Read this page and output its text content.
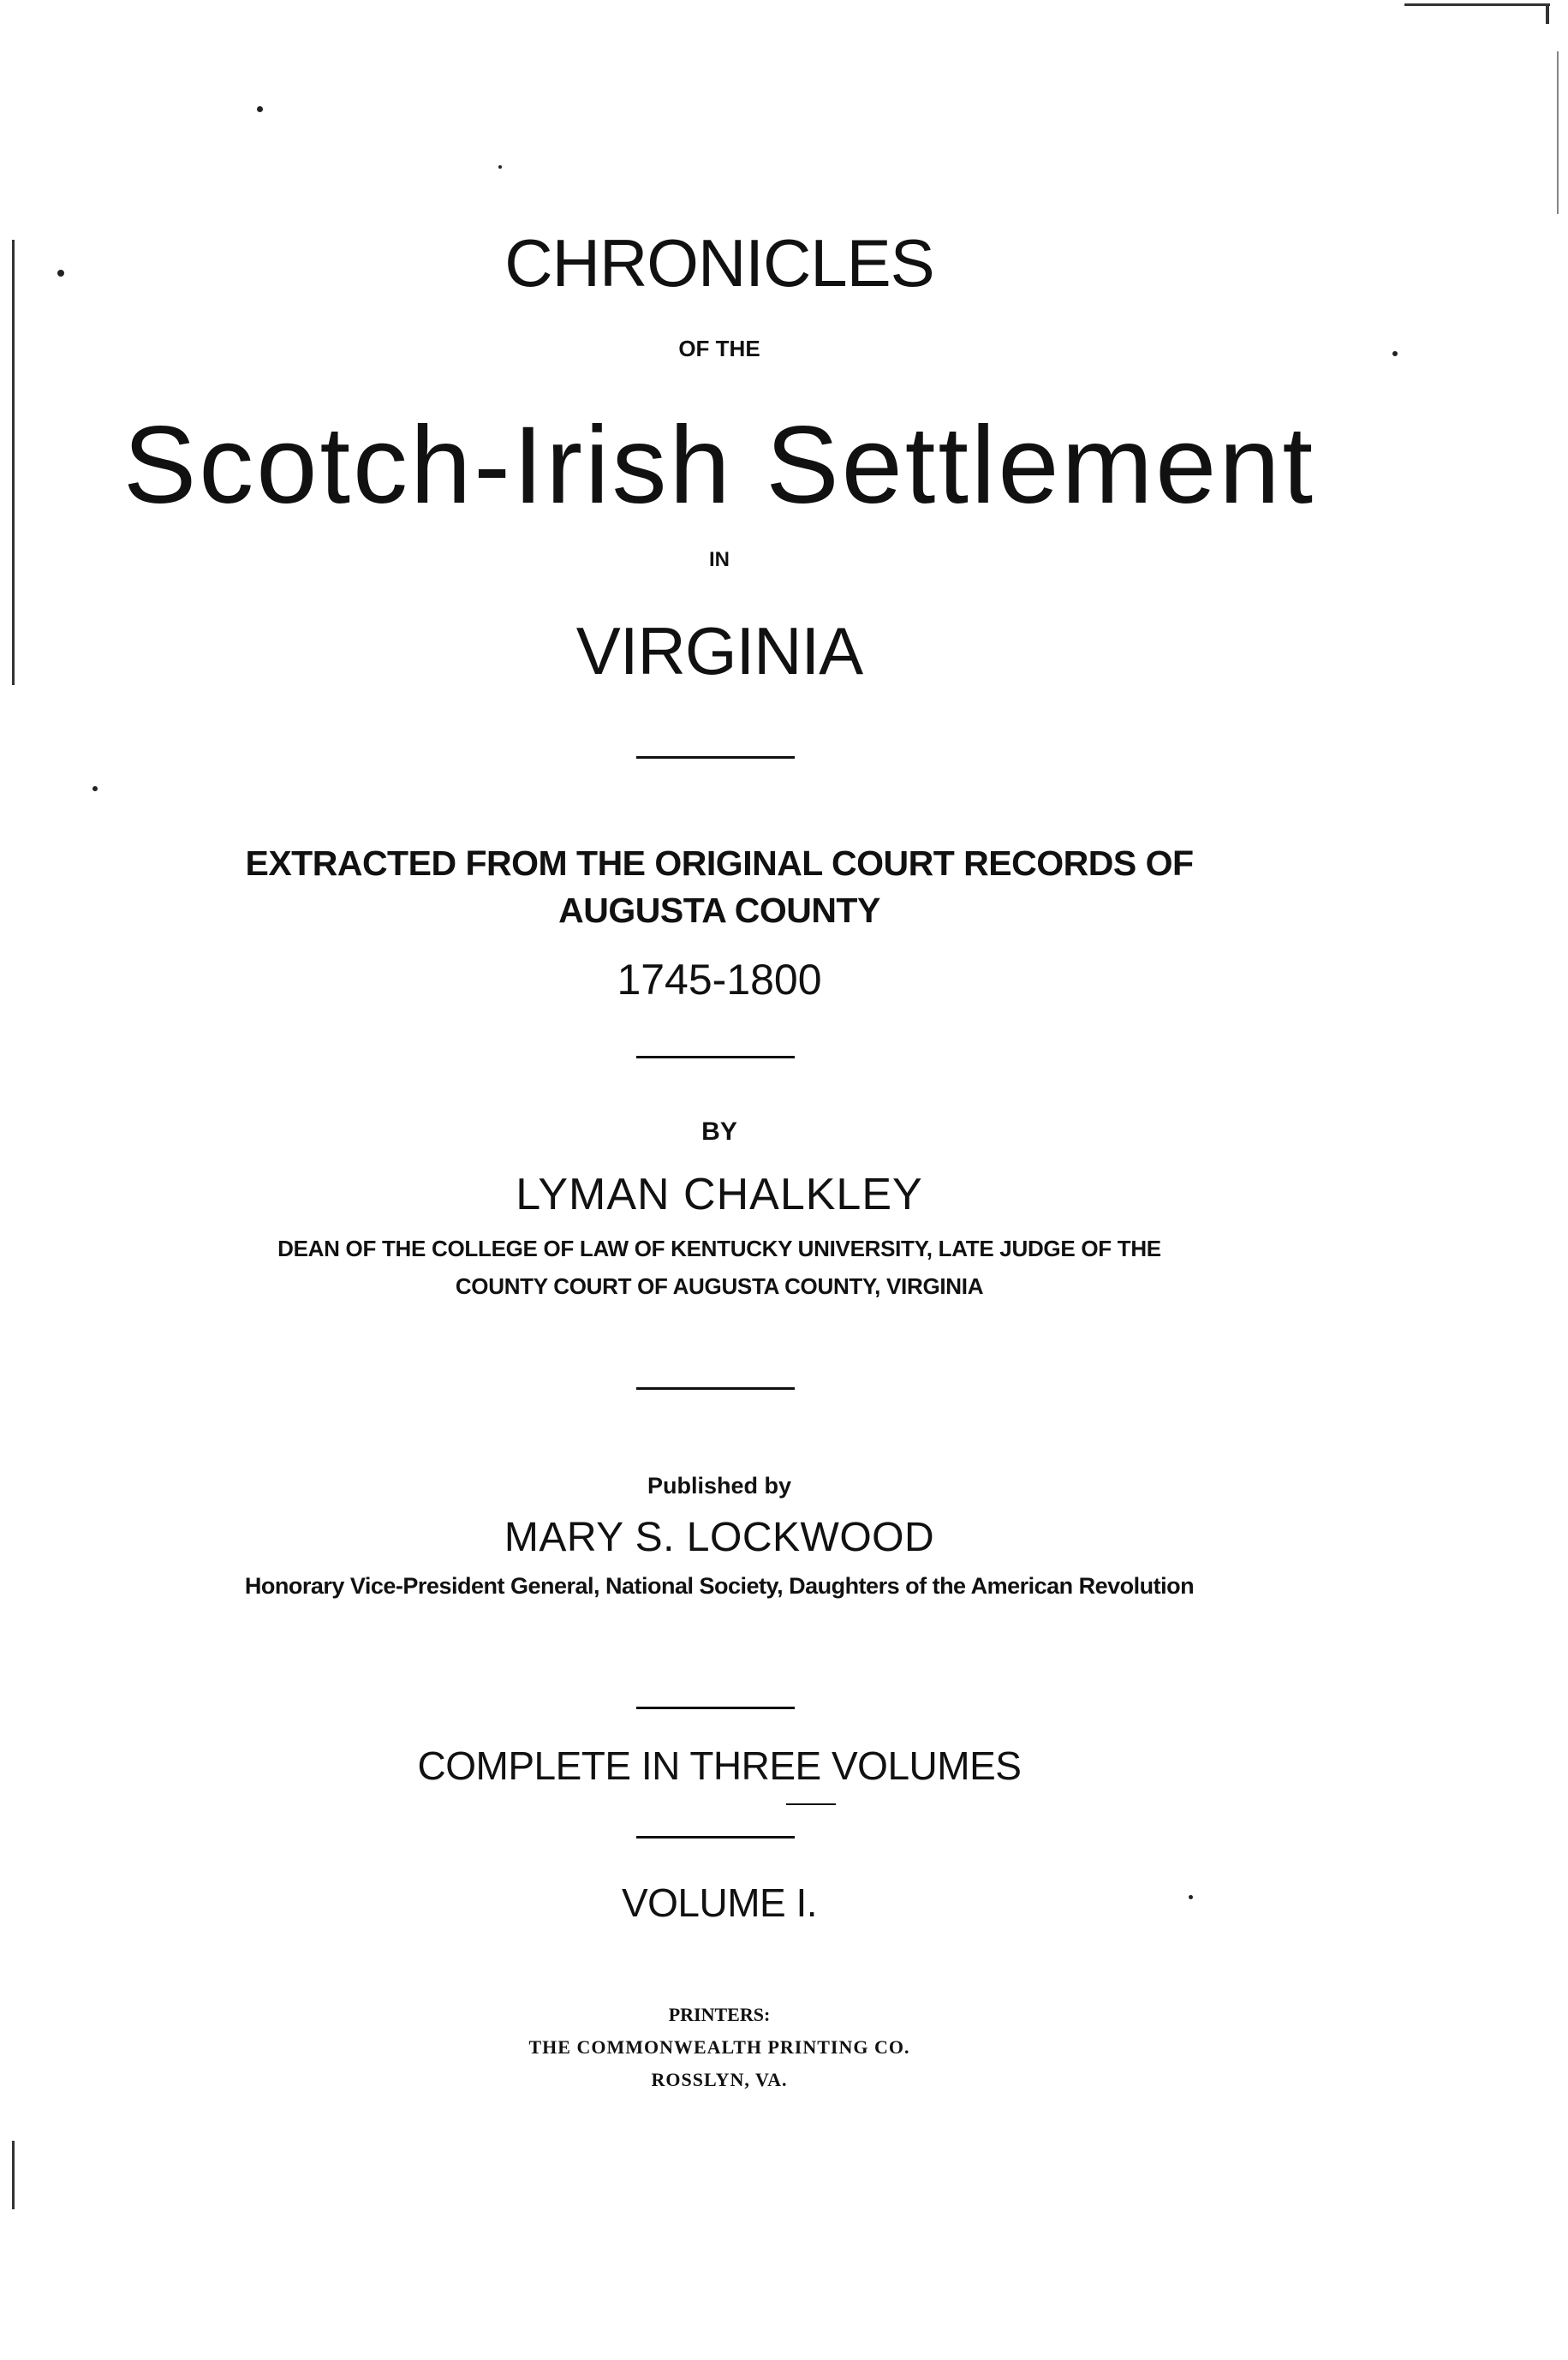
CHRONICLES
OF THE
Scotch-Irish Settlement
IN
VIRGINIA
EXTRACTED FROM THE ORIGINAL COURT RECORDS OF
AUGUSTA COUNTY
1745-1800
BY
LYMAN CHALKLEY
DEAN OF THE COLLEGE OF LAW OF KENTUCKY UNIVERSITY, LATE JUDGE OF THE
COUNTY COURT OF AUGUSTA COUNTY, VIRGINIA
Published by
MARY S. LOCKWOOD
Honorary Vice-President General, National Society, Daughters of the American Revolution
COMPLETE IN THREE VOLUMES
VOLUME I.
PRINTERS:
THE COMMONWEALTH PRINTING CO.
ROSSLYN, VA.
